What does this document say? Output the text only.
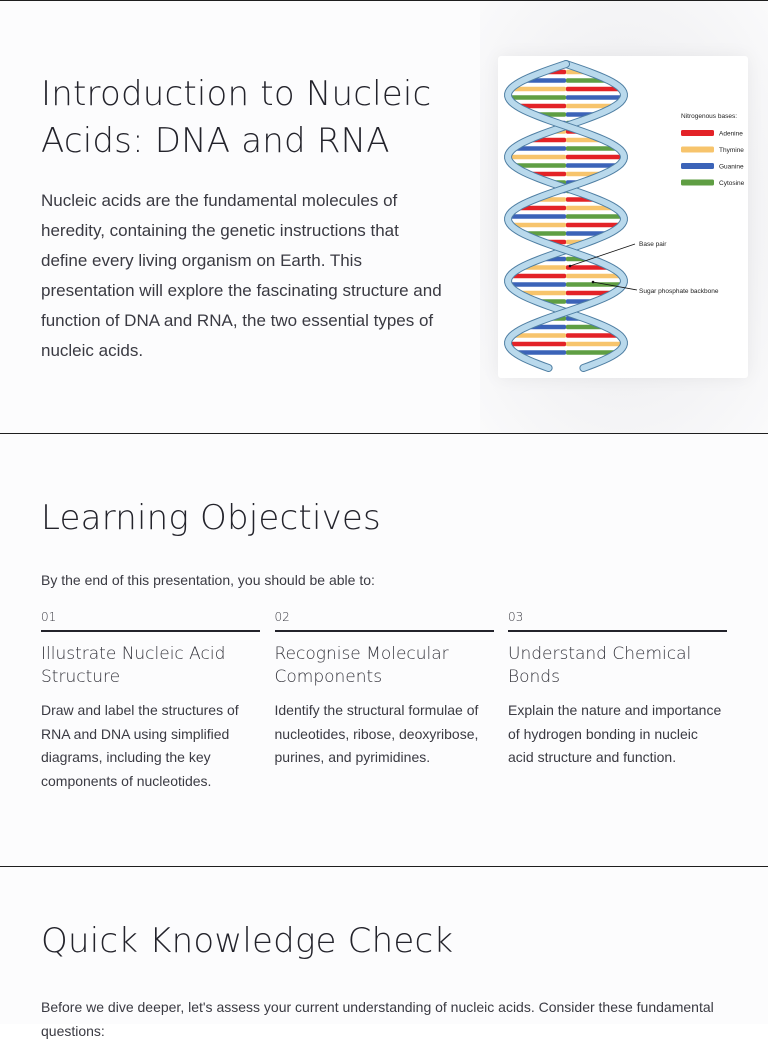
Introduction to Nucleic Acids: DNA and RNA

Nucleic acids are the fundamental molecules of heredity, containing the genetic instructions that define every living organism on Earth. This presentation will explore the fascinating structure and function of DNA and RNA, the two essential types of nucleic acids.

Nitrogenous bases:
Adenine
Thymine
Guanine
Cytosine
Base pair
Sugar phosphate backbone
Learning Objectives

By the end of this presentation, you should be able to:

01
Illustrate Nucleic Acid Structure
Draw and label the structures of RNA and DNA using simplified diagrams, including the key components of nucleotides.
02
Recognise Molecular Components
Identify the structural formulae of nucleotides, ribose, deoxyribose, purines, and pyrimidines.
03
Understand Chemical Bonds
Explain the nature and importance of hydrogen bonding in nucleic acid structure and function.
Quick Knowledge Check

Before we dive deeper, let's assess your current understanding of nucleic acids. Consider these fundamental questions:
